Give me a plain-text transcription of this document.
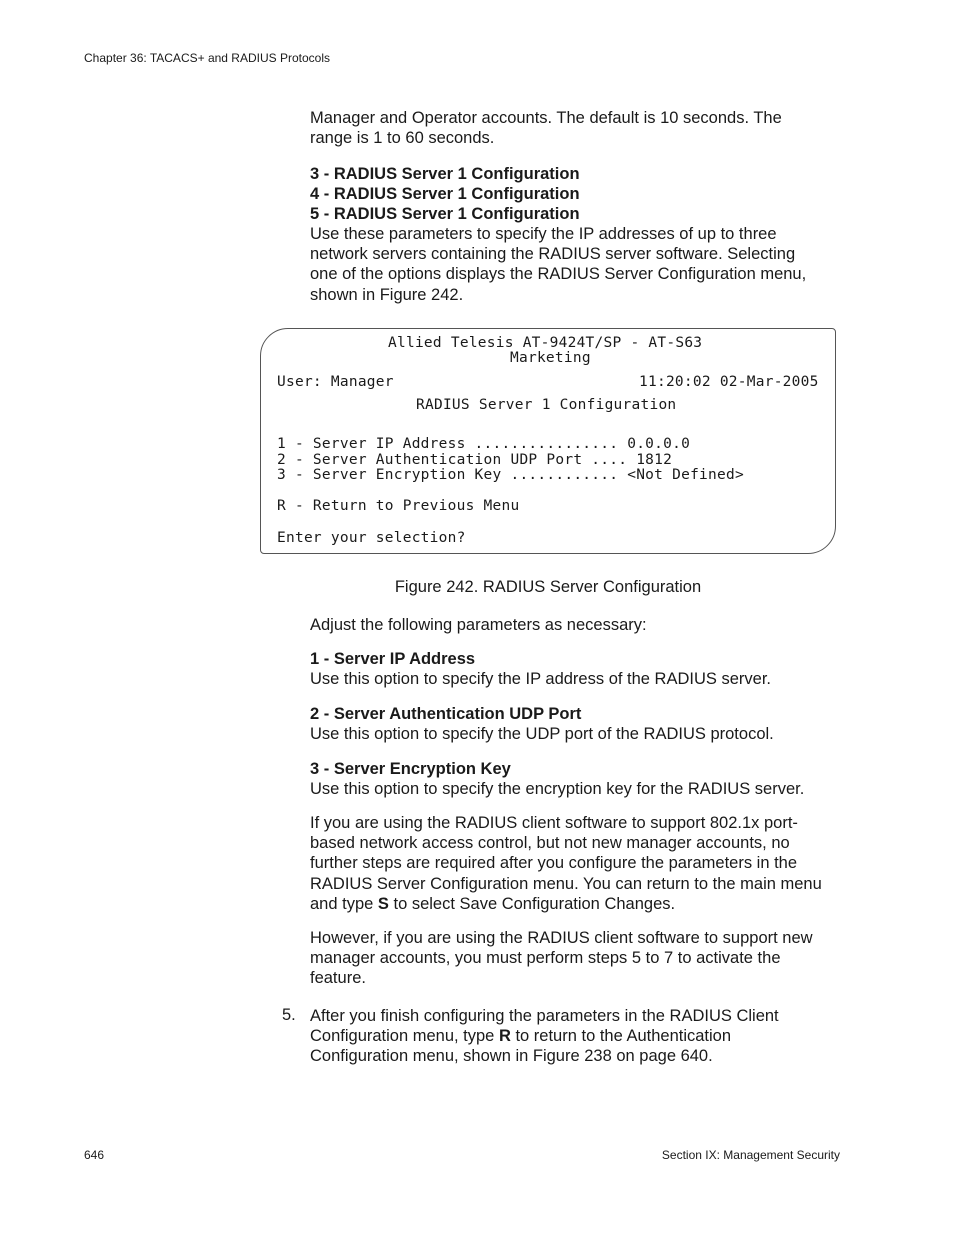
Chapter 36: TACACS+ and RADIUS Protocols

Manager and Operator accounts. The default is 10 seconds. The
range is 1 to 60 seconds.

3 - RADIUS Server 1 Configuration
4 - RADIUS Server 1 Configuration
5 - RADIUS Server 1 Configuration

Use these parameters to specify the IP addresses of up to three
network servers containing the RADIUS server software. Selecting
one of the options displays the RADIUS Server Configuration menu,
shown in Figure 242.

Allied Telesis AT-9424T/SP - AT-S63
Marketing
User: Manager	11:20:02 02-Mar-2005
RADIUS Server 1 Configuration
1 - Server IP Address ................ 0.0.0.0
2 - Server Authentication UDP Port .... 1812
3 - Server Encryption Key ............ <Not Defined>
R - Return to Previous Menu
Enter your selection?
Figure 242. RADIUS Server Configuration

Adjust the following parameters as necessary:

1 - Server IP Address
Use this option to specify the IP address of the RADIUS server.

2 - Server Authentication UDP Port
Use this option to specify the UDP port of the RADIUS protocol.

3 - Server Encryption Key
Use this option to specify the encryption key for the RADIUS server.

If you are using the RADIUS client software to support 802.1x port-
based network access control, but not new manager accounts, no
further steps are required after you configure the parameters in the
RADIUS Server Configuration menu. You can return to the main menu
and type S to select Save Configuration Changes.

However, if you are using the RADIUS client software to support new
manager accounts, you must perform steps 5 to 7 to activate the
feature.

5. After you finish configuring the parameters in the RADIUS Client
Configuration menu, type R to return to the Authentication
Configuration menu, shown in Figure 238 on page 640.

646	Section IX: Management Security
